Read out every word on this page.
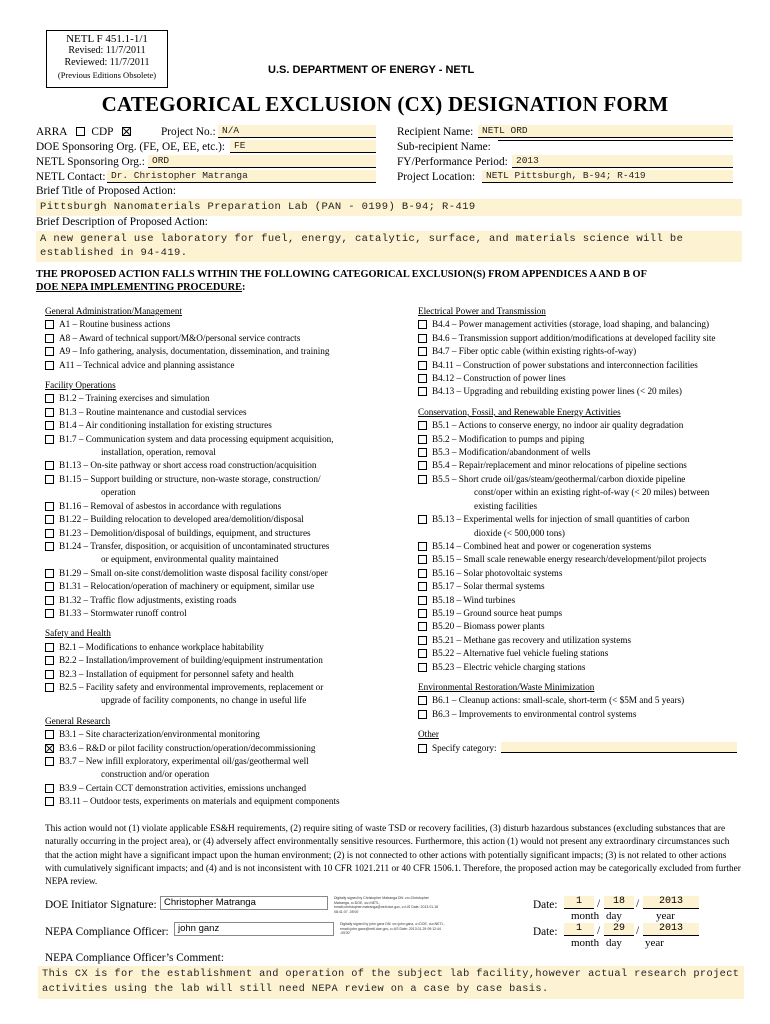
NETL F 451.1-1/1
Revised: 11/7/2011
Reviewed: 11/7/2011
(Previous Editions Obsolete)	U.S. DEPARTMENT OF ENERGY - NETL
CATEGORICAL EXCLUSION (CX) DESIGNATION FORM
ARRA CDP	Project No.: N/A
DOE Sponsoring Org. (FE, OE, EE, etc.): FE
NETL Sponsoring Org.: ORD
NETL Contact: Dr. Christopher Matranga
Recipient Name: NETL ORD
Sub-recipient Name:
FY/Performance Period: 2013
Project Location:	NETL Pittsburgh, B-94; R-419
Brief Title of Proposed Action:
Pittsburgh Nanomaterials Preparation Lab (PAN - 0199) B-94; R-419
Brief Description of Proposed Action:
A new general use laboratory for fuel, energy, catalytic, surface, and materials science will be established in 94-419.
THE PROPOSED ACTION FALLS WITHIN THE FOLLOWING CATEGORICAL EXCLUSION(S) FROM APPENDICES A AND B OF
DOE NEPA IMPLEMENTING PROCEDURE:
General Administration/Management
A1 – Routine business actions
A8 – Award of technical support/M&O/personal service contracts
A9 – Info gathering, analysis, documentation, dissemination, and training
A11 – Technical advice and planning assistance
Facility Operations
B1.2 – Training exercises and simulation
B1.3 – Routine maintenance and custodial services
B1.4 – Air conditioning installation for existing structures
B1.7 – Communication system and data processing equipment acquisition,
installation, operation, removal
B1.13 – On-site pathway or short access road construction/acquisition
B1.15 – Support building or structure, non-waste storage, construction/
operation
B1.16 – Removal of asbestos in accordance with regulations
B1.22 – Building relocation to developed area/demolition/disposal
B1.23 – Demolition/disposal of buildings, equipment, and structures
B1.24 – Transfer, disposition, or acquisition of uncontaminated structures
or equipment, environmental quality maintained
B1.29 – Small on-site const/demolition waste disposal facility const/oper
B1.31 – Relocation/operation of machinery or equipment, similar use
B1.32 – Traffic flow adjustments, existing roads
B1.33 – Stormwater runoff control
Safety and Health
B2.1 – Modifications to enhance workplace habitability
B2.2 – Installation/improvement of building/equipment instrumentation
B2.3 – Installation of equipment for personnel safety and health
B2.5 – Facility safety and environmental improvements, replacement or
upgrade of facility components, no change in useful life
General Research
B3.1 – Site characterization/environmental monitoring
B3.6 – R&D or pilot facility construction/operation/decommissioning
B3.7 – New infill exploratory, experimental oil/gas/geothermal well
construction and/or operation
B3.9 – Certain CCT demonstration activities, emissions unchanged
B3.11 – Outdoor tests, experiments on materials and equipment components
Electrical Power and Transmission
B4.4 – Power management activities (storage, load shaping, and balancing)
B4.6 – Transmission support addition/modifications at developed facility site
B4.7 – Fiber optic cable (within existing rights-of-way)
B4.11 – Construction of power substations and interconnection facilities
B4.12 – Construction of power lines
B4.13 – Upgrading and rebuilding existing power lines (< 20 miles)
Conservation, Fossil, and Renewable Energy Activities
B5.1 – Actions to conserve energy, no indoor air quality degradation
B5.2 – Modification to pumps and piping
B5.3 – Modification/abandonment of wells
B5.4 – Repair/replacement and minor relocations of pipeline sections
B5.5 – Short crude oil/gas/steam/geothermal/carbon dioxide pipeline
const/oper within an existing right-of-way (< 20 miles) between
existing facilities
B5.13 – Experimental wells for injection of small quantities of carbon
dioxide (< 500,000 tons)
B5.14 – Combined heat and power or cogeneration systems
B5.15 – Small scale renewable energy research/development/pilot projects
B5.16 – Solar photovoltaic systems
B5.17 – Solar thermal systems
B5.18 – Wind turbines
B5.19 – Ground source heat pumps
B5.20 – Biomass power plants
B5.21 – Methane gas recovery and utilization systems
B5.22 – Alternative fuel vehicle fueling stations
B5.23 – Electric vehicle charging stations
Environmental Restoration/Waste Minimization
B6.1 – Cleanup actions: small-scale, short-term (< $5M and 5 years)
B6.3 – Improvements to environmental control systems
Other
Specify category:
This action would not (1) violate applicable ES&H requirements, (2) require siting of waste TSD or recovery facilities, (3) disturb hazardous substances (excluding substances that are naturally occurring in the project area), or (4) adversely affect environmentally sensitive resources. Furthermore, this action (1) would not present any extraordinary circumstances such that the action might have a significant impact upon the human environment; (2) is not connected to other actions with potentially significant impacts; (3) is not related to other actions with cumulatively significant impacts; and (4) and is not inconsistent with 10 CFR 1021.211 or 40 CFR 1506.1. Therefore, the proposed action may be categorically excluded from further NEPA review.
DOE Initiator Signature: Christopher Matranga	Digitally signed by Christopher Matranga DN: cn=Christopher Matranga, o=DOE, ou=NETL, email=christopher.matranga@netl.doe.gov, c=US Date: 2013.01.18 08:41:07 -05'00'
NEPA Compliance Officer: john ganz	Digitally signed by john ganz DN: cn=john ganz, o=DOE, ou=NETL, email=john.ganz@netl.doe.gov, c=US Date: 2013.01.29 09:12:44 -05'00'
Date:	1	/	18 /	2013
month day	year
Date:	1	/	29 /	2013
month day year
NEPA Compliance Officer’s Comment:
This CX is for the establishment and operation of the subject lab facility,however actual research project activities using the lab will still need NEPA review on a case by case basis.
